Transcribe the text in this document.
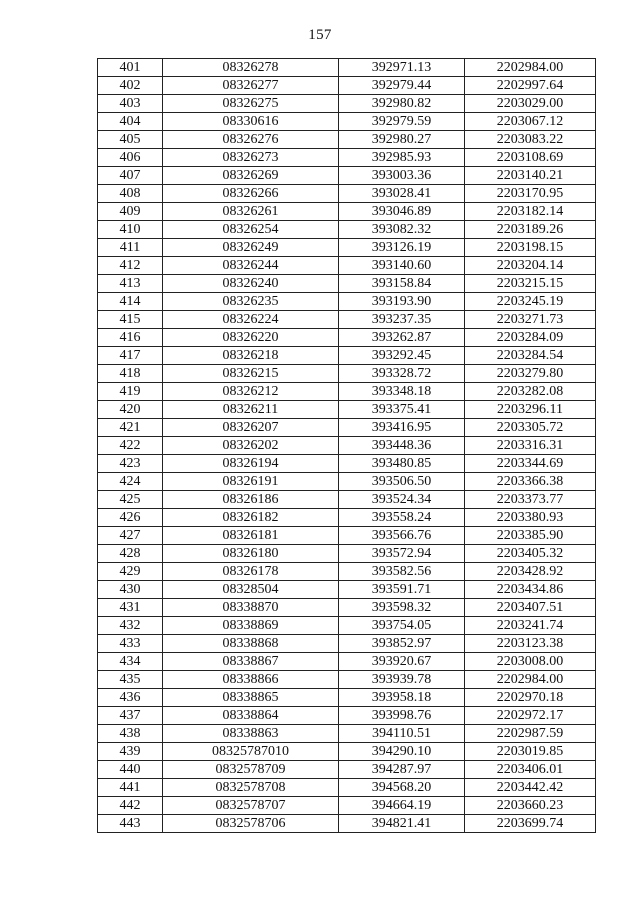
157
401	08326278	392971.13	2202984.00
402	08326277	392979.44	2202997.64
403	08326275	392980.82	2203029.00
404	08330616	392979.59	2203067.12
405	08326276	392980.27	2203083.22
406	08326273	392985.93	2203108.69
407	08326269	393003.36	2203140.21
408	08326266	393028.41	2203170.95
409	08326261	393046.89	2203182.14
410	08326254	393082.32	2203189.26
411	08326249	393126.19	2203198.15
412	08326244	393140.60	2203204.14
413	08326240	393158.84	2203215.15
414	08326235	393193.90	2203245.19
415	08326224	393237.35	2203271.73
416	08326220	393262.87	2203284.09
417	08326218	393292.45	2203284.54
418	08326215	393328.72	2203279.80
419	08326212	393348.18	2203282.08
420	08326211	393375.41	2203296.11
421	08326207	393416.95	2203305.72
422	08326202	393448.36	2203316.31
423	08326194	393480.85	2203344.69
424	08326191	393506.50	2203366.38
425	08326186	393524.34	2203373.77
426	08326182	393558.24	2203380.93
427	08326181	393566.76	2203385.90
428	08326180	393572.94	2203405.32
429	08326178	393582.56	2203428.92
430	08328504	393591.71	2203434.86
431	08338870	393598.32	2203407.51
432	08338869	393754.05	2203241.74
433	08338868	393852.97	2203123.38
434	08338867	393920.67	2203008.00
435	08338866	393939.78	2202984.00
436	08338865	393958.18	2202970.18
437	08338864	393998.76	2202972.17
438	08338863	394110.51	2202987.59
439	08325787010	394290.10	2203019.85
440	0832578709	394287.97	2203406.01
441	0832578708	394568.20	2203442.42
442	0832578707	394664.19	2203660.23
443	0832578706	394821.41	2203699.74
